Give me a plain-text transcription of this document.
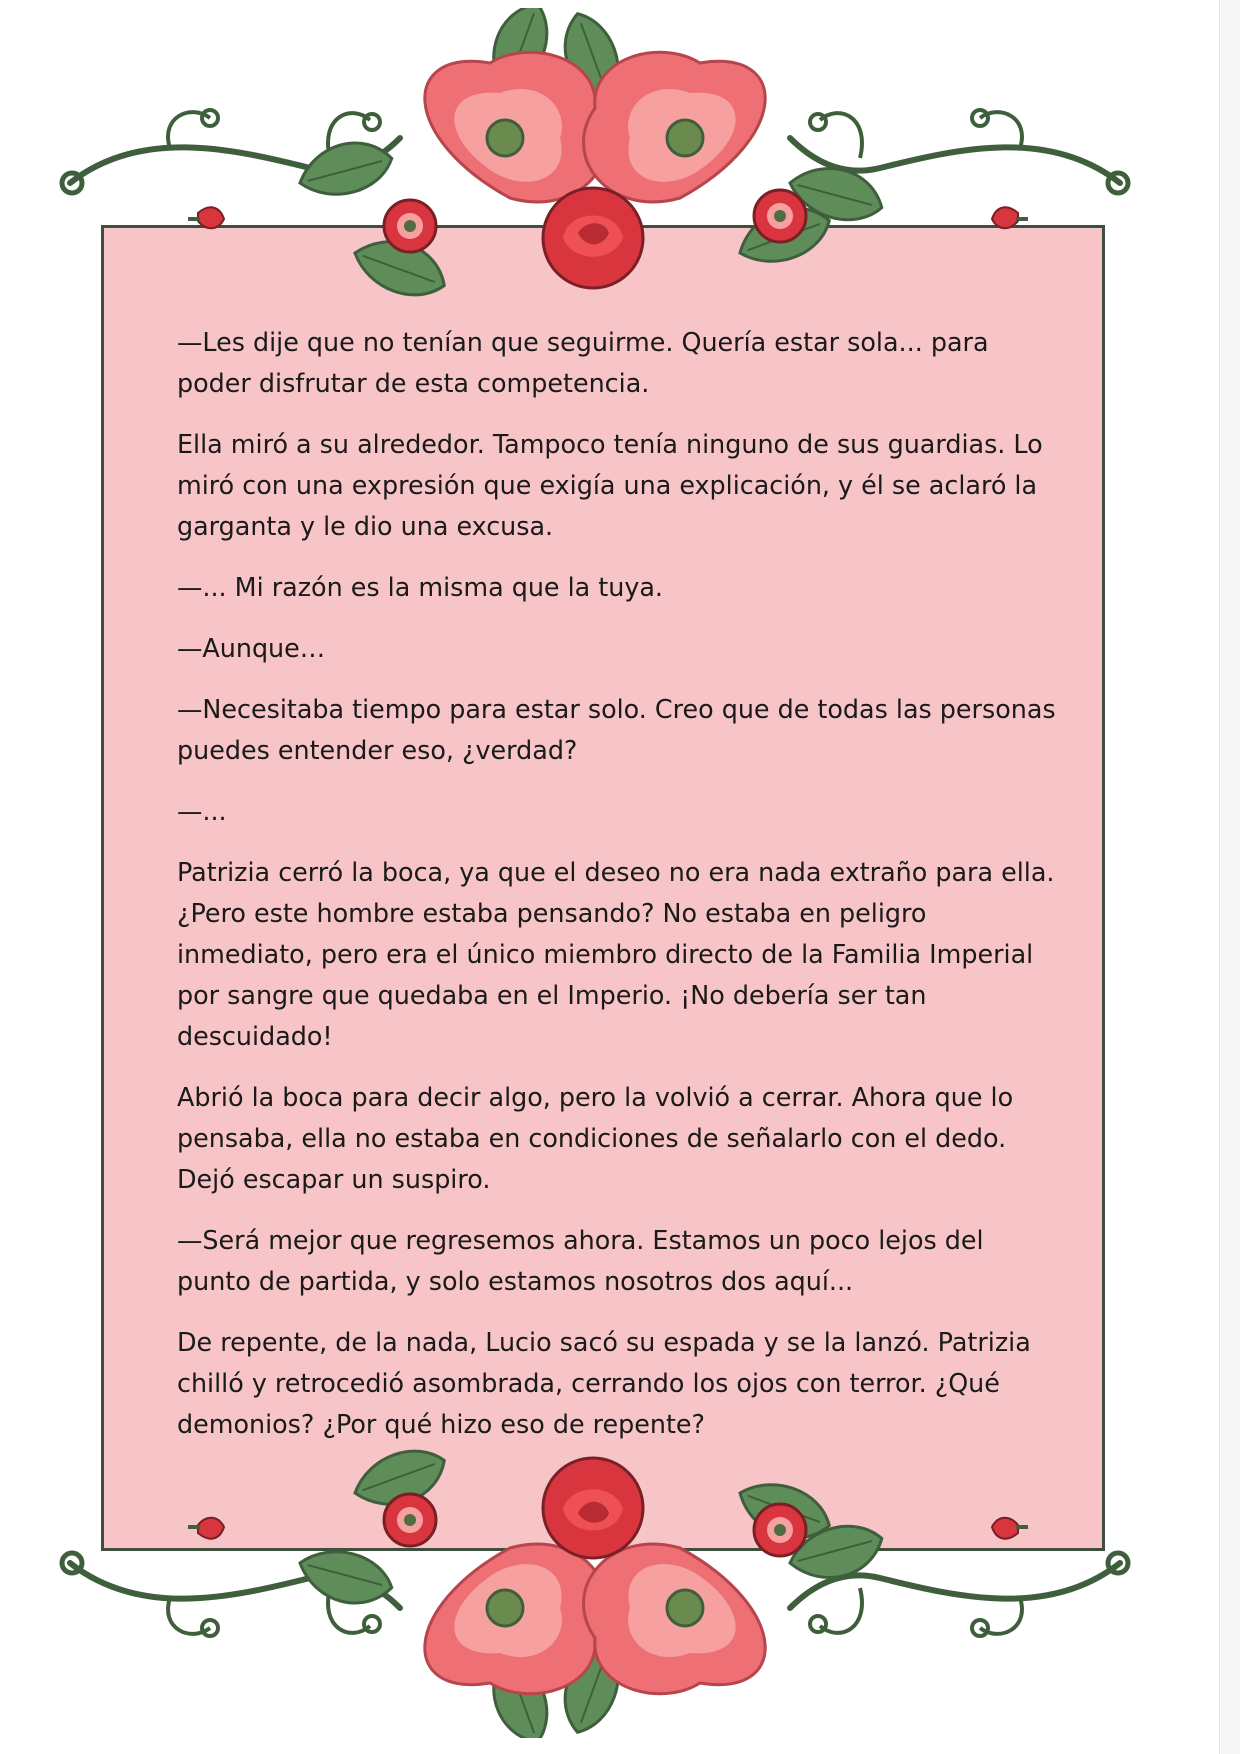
—Les dije que no tenían que seguirme. Quería estar sola... para poder disfrutar de esta competencia.

Ella miró a su alrededor. Tampoco tenía ninguno de sus guardias. Lo miró con una expresión que exigía una explicación, y él se aclaró la garganta y le dio una excusa.

—... Mi razón es la misma que la tuya.

—Aunque…

—Necesitaba tiempo para estar solo. Creo que de todas las personas puedes entender eso, ¿verdad?

—...

Patrizia cerró la boca, ya que el deseo no era nada extraño para ella. ¿Pero este hombre estaba pensando? No estaba en peligro inmediato, pero era el único miembro directo de la Familia Imperial por sangre que quedaba en el Imperio. ¡No debería ser tan descuidado!

Abrió la boca para decir algo, pero la volvió a cerrar. Ahora que lo pensaba, ella no estaba en condiciones de señalarlo con el dedo. Dejó escapar un suspiro.

—Será mejor que regresemos ahora. Estamos un poco lejos del punto de partida, y solo estamos nosotros dos aquí...

De repente, de la nada, Lucio sacó su espada y se la lanzó. Patrizia chilló y retrocedió asombrada, cerrando los ojos con terror. ¿Qué demonios? ¿Por qué hizo eso de repente?
